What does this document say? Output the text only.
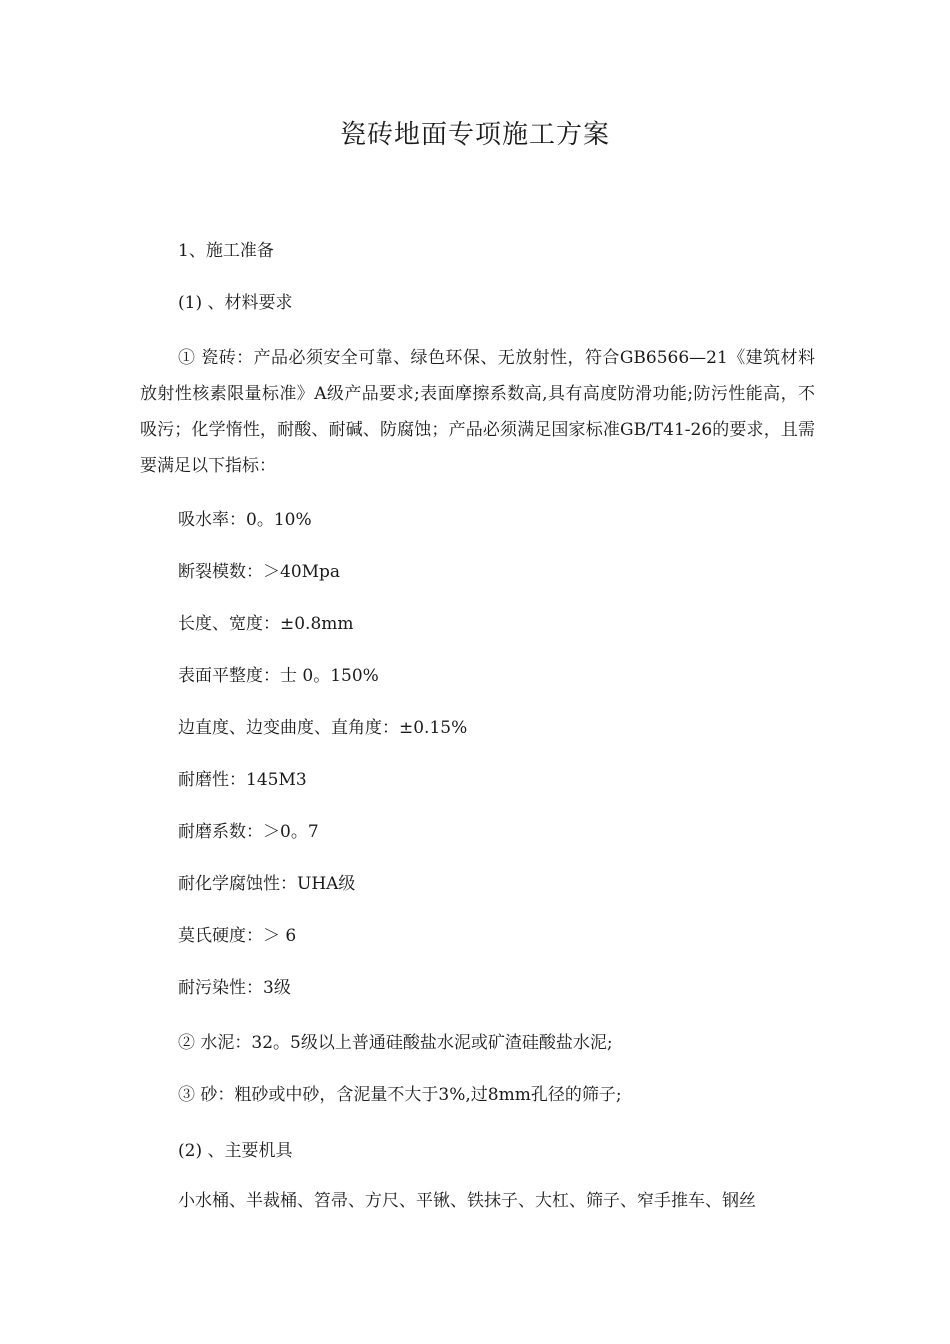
瓷砖地面专项施工方案
1、施工准备
(1) 、材料要求
① 瓷砖：产品必须安全可靠、绿色环保、无放射性，符合GB6566—21《建筑材料放射性核素限量标准》A级产品要求;表面摩擦系数高,具有高度防滑功能;防污性能高，不吸污；化学惰性，耐酸、耐碱、防腐蚀；产品必须满足国家标准GB/T41-26的要求，且需要满足以下指标：
吸水率：0。10%
断裂模数：＞40Mpa
长度、宽度：±0.8mm
表面平整度：士 0。150%
边直度、边变曲度、直角度：±0.15%
耐磨性：145M3
耐磨系数：＞0。7
耐化学腐蚀性：UHA级
莫氏硬度：＞ 6
耐污染性：3级
② 水泥：32。5级以上普通硅酸盐水泥或矿渣硅酸盐水泥;
③ 砂：粗砂或中砂，含泥量不大于3%,过8mm孔径的筛子;
(2) 、主要机具
小水桶、半裁桶、笤帚、方尺、平锹、铁抹子、大杠、筛子、窄手推车、钢丝
